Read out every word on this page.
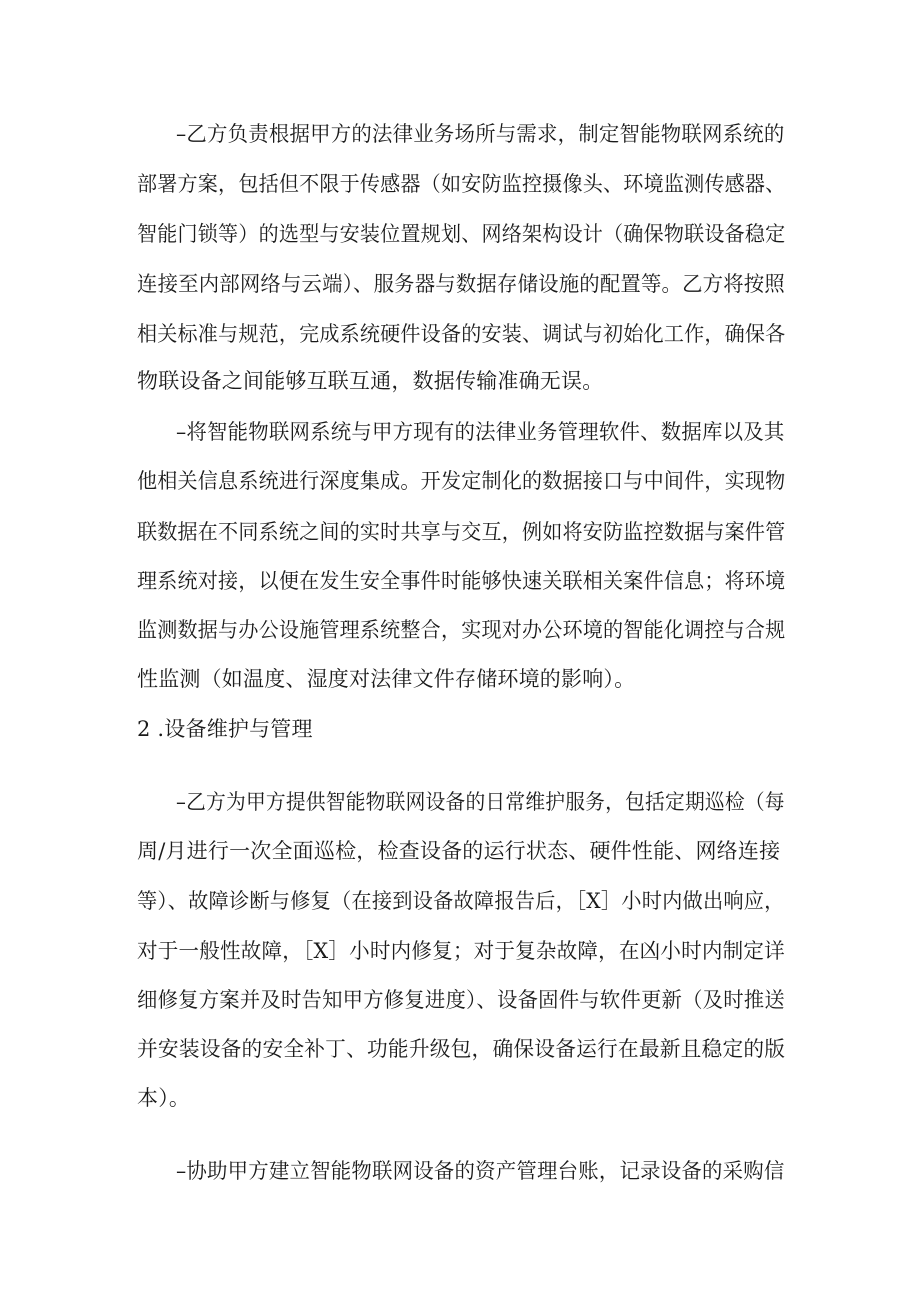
–乙方负责根据甲方的法律业务场所与需求，制定智能物联网系统的
部署方案，包括但不限于传感器（如安防监控摄像头、环境监测传感器、
智能门锁等）的选型与安装位置规划、网络架构设计（确保物联设备稳定
连接至内部网络与云端）、服务器与数据存储设施的配置等。乙方将按照
相关标准与规范，完成系统硬件设备的安装、调试与初始化工作，确保各
物联设备之间能够互联互通，数据传输准确无误。
–将智能物联网系统与甲方现有的法律业务管理软件、数据库以及其
他相关信息系统进行深度集成。开发定制化的数据接口与中间件，实现物
联数据在不同系统之间的实时共享与交互，例如将安防监控数据与案件管
理系统对接，以便在发生安全事件时能够快速关联相关案件信息；将环境
监测数据与办公设施管理系统整合，实现对办公环境的智能化调控与合规
性监测（如温度、湿度对法律文件存储环境的影响）。
2 .设备维护与管理
–乙方为甲方提供智能物联网设备的日常维护服务，包括定期巡检（每
周/月进行一次全面巡检，检查设备的运行状态、硬件性能、网络连接
等）、故障诊断与修复（在接到设备故障报告后，［X］小时内做出响应，
对于一般性故障，［X］小时内修复；对于复杂故障，在凶小时内制定详
细修复方案并及时告知甲方修复进度）、设备固件与软件更新（及时推送
并安装设备的安全补丁、功能升级包，确保设备运行在最新且稳定的版
本）。
–协助甲方建立智能物联网设备的资产管理台账，记录设备的采购信
